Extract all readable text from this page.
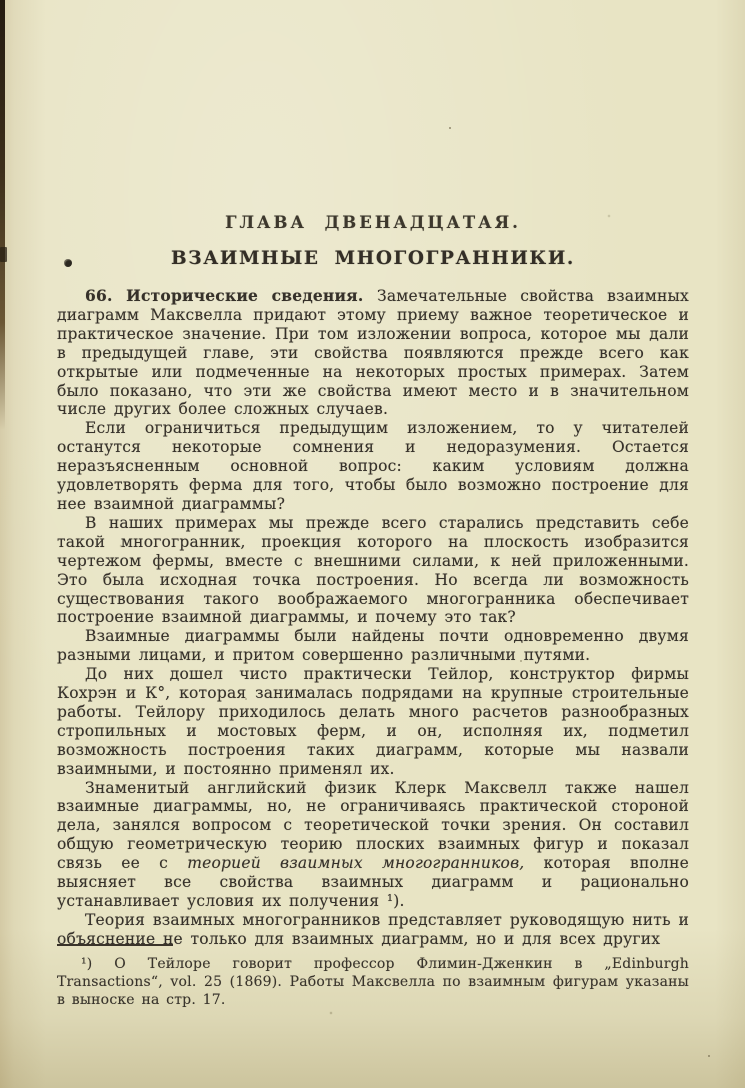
ГЛАВА ДВЕНАДЦАТАЯ.
ВЗАИМНЫЕ МНОГОГРАННИКИ.

66. Исторические сведения. Замечательные свойства взаимных диаграмм Максвелла придают этому приему важное теоретическое и практическое значение. При том изложении вопроса, которое мы дали в предыдущей главе, эти свойства появляются прежде всего как открытые или подмеченные на некоторых простых примерах. Затем было показано, что эти же свойства имеют место и в значительном числе других более сложных случаев.

Если ограничиться предыдущим изложением, то у читателей останутся некоторые сомнения и недоразумения. Остается неразъясненным основной вопрос: каким условиям должна удовлетворять ферма для того, чтобы было возможно построение для нее взаимной диаграммы?

В наших примерах мы прежде всего старались представить себе такой многогранник, проекция которого на плоскость изобразится чертежом фермы, вместе с внешними силами, к ней приложенными. Это была исходная точка построения. Но всегда ли возможность существования такого воображаемого многогранника обеспечивает построение взаимной диаграммы, и почему это так?

Взаимные диаграммы были найдены почти одновременно двумя разными лицами, и притом совершенно различными путями.

До них дошел чисто практически Тейлор, конструктор фирмы Кохрэн и К°, которая занималась подрядами на крупные строительные работы. Тейлору приходилось делать много расчетов разнообразных стропильных и мостовых ферм, и он, исполняя их, подметил возможность построения таких диаграмм, которые мы назвали взаимными, и постоянно применял их.

Знаменитый английский физик Клерк Максвелл также нашел взаимные диаграммы, но, не ограничиваясь практической стороной дела, занялся вопросом с теоретической точки зрения. Он составил общую геометрическую теорию плоских взаимных фигур и показал связь ее с теорией взаимных многогранников, которая вполне выясняет все свойства взаимных диаграмм и рационально устанавливает условия их получения ¹).

Теория взаимных многогранников представляет руководящую нить и объяснение не только для взаимных диаграмм, но и для всех других

¹) О Тейлоре говорит профессор Флимин-Дженкин в „Edinburgh Transactions“, vol. 25 (1869). Работы Максвелла по взаимным фигурам указаны в выноске на стр. 17.
